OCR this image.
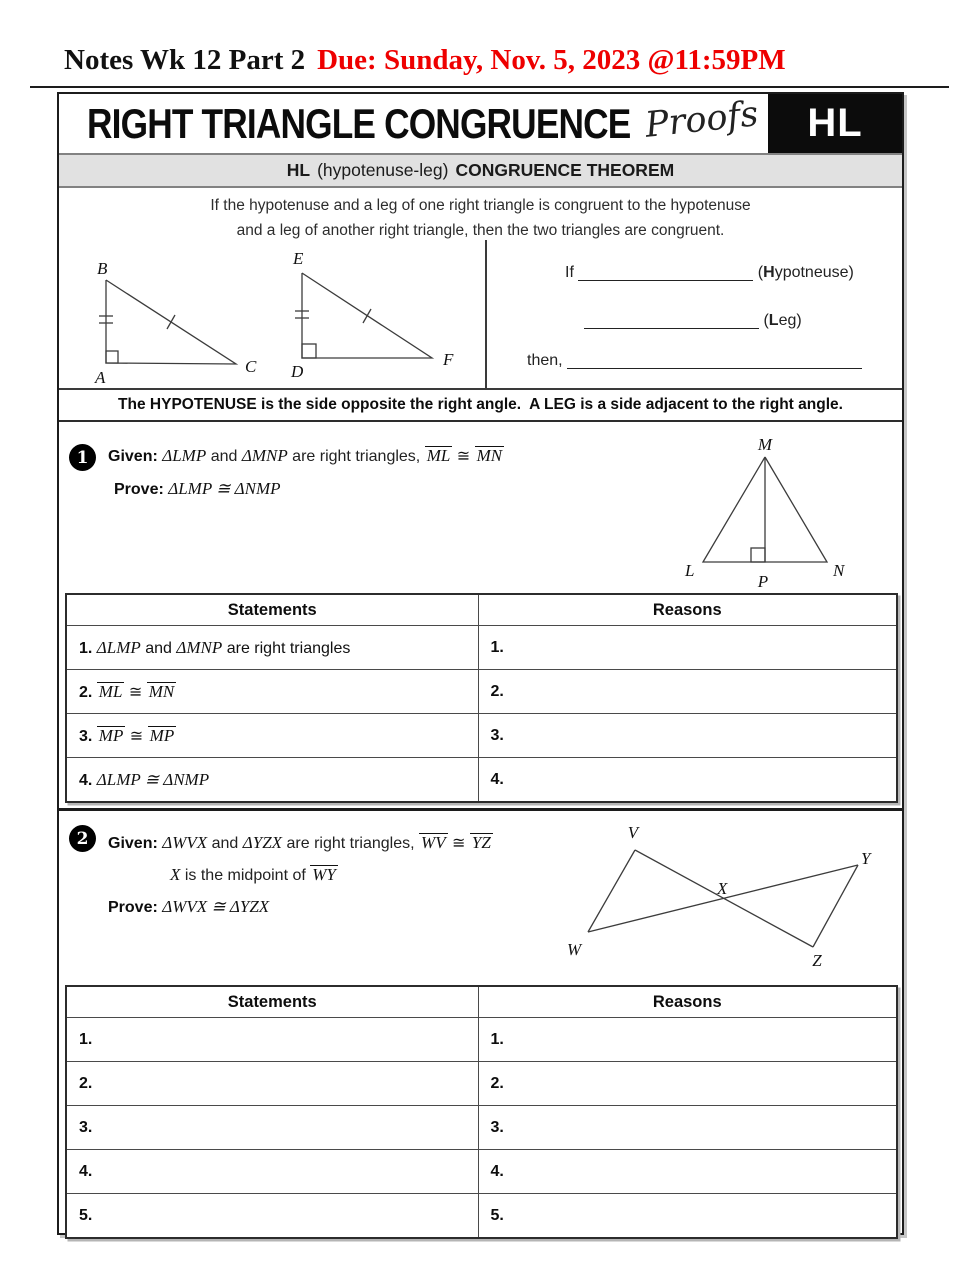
Notes Wk 12 Part 2 Due: Sunday, Nov. 5, 2023 @11:59PM
RIGHT TRIANGLE CONGRUENCE Proofs	HL
HL (hypotenuse-leg) CONGRUENCE THEOREM
If the hypotenuse and a leg of one right triangle is congruent to the hypotenuse
and a leg of another right triangle, then the two triangles are congruent.
B
A
C
E
D
F
If	(Hypotneuse)
(Leg)
then,
The HYPOTENUSE is the side opposite the right angle.  A LEG is a side adjacent to the right angle.
1	Given: ΔLMP and ΔMNP are right triangles, ML ≅ MN
Prove: ΔLMP ≅ ΔNMP
M
L	N
P
Statements	Reasons
1. ΔLMP and ΔMNP are right triangles	1.
2. ML ≅ MN	2.
3. MP ≅ MP	3.
4. ΔLMP ≅ ΔNMP	4.
2	Given: ΔWVX and ΔYZX are right triangles, WV ≅ YZ
X is the midpoint of WY
Prove: ΔWVX ≅ ΔYZX
V
W
X
Y
Z
Statements	Reasons
1.	1.
2.	2.
3.	3.
4.	4.
5.	5.
